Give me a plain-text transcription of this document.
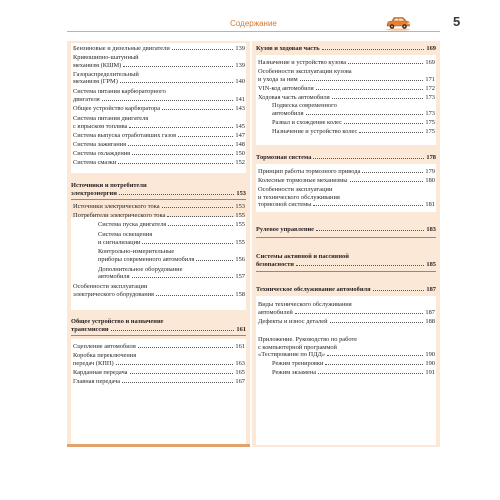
Содержание	5
Бензиновые и дизельные двигатели	139
Кривошипно-шатунный
механизм (КШМ)	139
Газораспределительный
механизм (ГРМ)	140
Система питания карбюраторного
двигателя	141
Общее устройство карбюратора	143
Система питания двигателя
с впрыском топлива	145
Система выпуска отработавших газов	147
Система зажигания	148
Система охлаждения	150
Система смазки	152
Источники и потребители
электроэнергии	153
Источники электрического тока	153
Потребители электрического тока	155
Система пуска двигателя	155
Система освещения
и сигнализации	155
Контрольно-измерительные
приборы современного автомобиля	156
Дополнительное оборудование
автомобиля	157
Особенности эксплуатации
электрического оборудования	158
Общее устройство и назначение
трансмиссии	161
Сцепление автомобиля	161
Коробка переключения
передач (КПП)	163
Карданная передача	165
Главная передача	167
Кузов и ходовая часть	169
Назначение и устройство кузова	169
Особенности эксплуатации кузова
и ухода за ним	171
VIN-код автомобиля	172
Ходовая часть автомобиля	173
Подвеска современного
автомобиля	173
Развал и схождение колес	175
Назначение и устройство колес	175
Тормозная система	178
Принцип работы тормозного привода	179
Колесные тормозные механизмы	180
Особенности эксплуатации
и технического обслуживания
тормозной системы	181
Рулевое управление	183
Системы активной и пассивной
безопасности	185
Техническое обслуживание автомобиля	187
Виды технического обслуживания
автомобилей	187
Дефекты и износ деталей	188
Приложение. Руководство по работе
с компьютерной программой
«Тестирование по ПДД»	190
Режим тренировки	190
Режим экзамена	191
